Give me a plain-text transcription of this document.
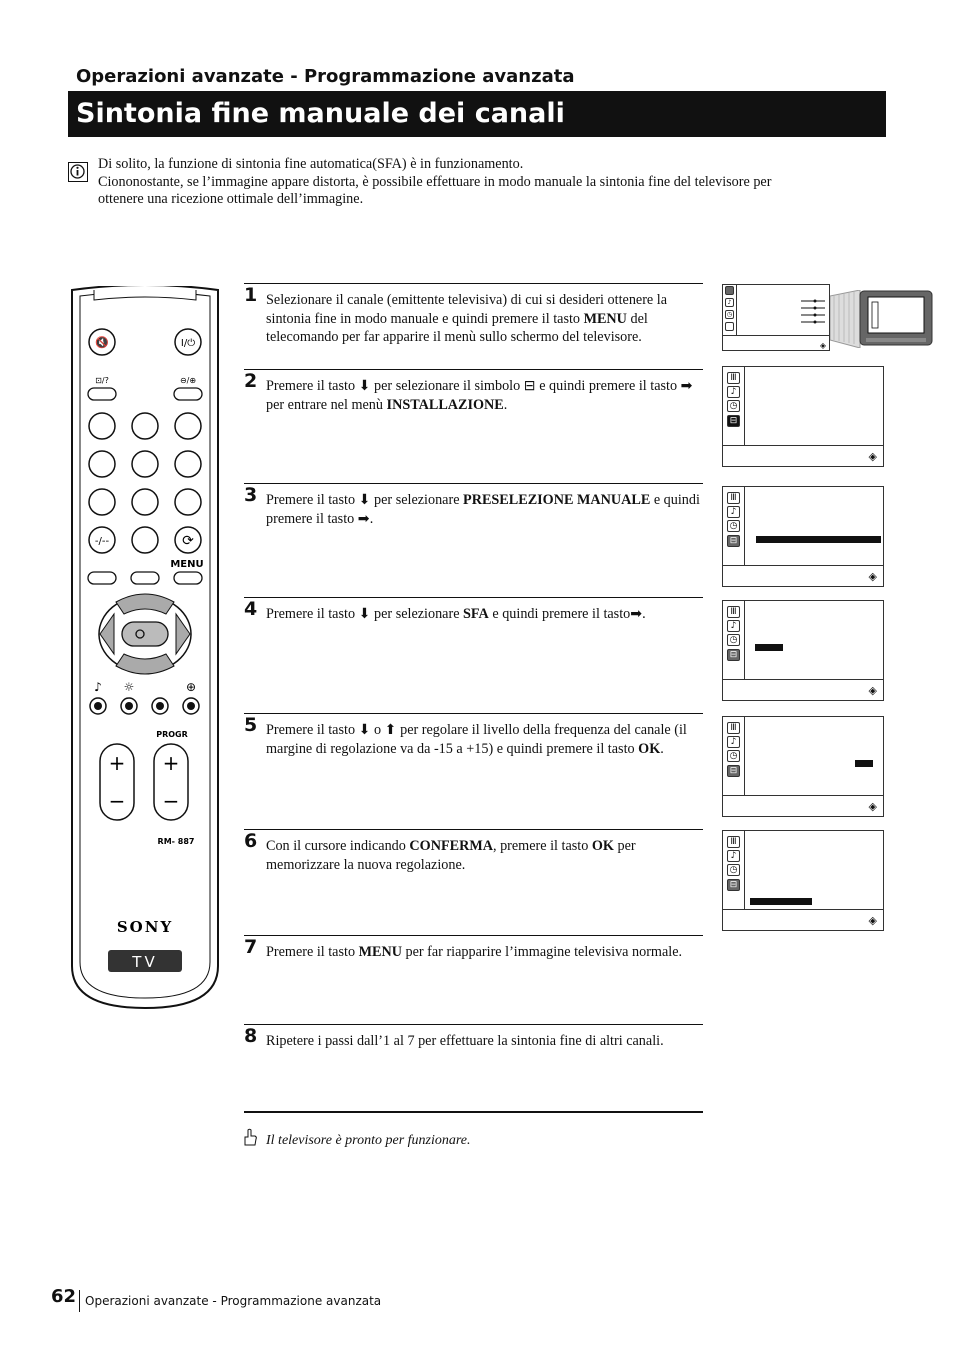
Operazioni avanzate - Programmazione avanzata
Sintonia fine manuale dei canali

Di solito, la funzione di sintonia fine automatica(SFA) è in funzionamento.

Ciononostante, se l’immagine appare distorta, è possibile effettuare in modo manuale la sintonia fine del televisore per ottenere una ricezione ottimale dell’immagine.

🔇	I/⏻
⊡/?	⊖/⊕
-/--	⟳
MENU
♪ ☼	⊕
PROGR
+
−
+
−
RM- 887
SONY
TV
1 Selezionare il canale (emittente televisiva) di cui si desideri ottenere la sintonia fine in modo manuale e quindi premere il tasto MENU del telecomando per far apparire il menù sullo schermo del televisore.
2 Premere il tasto ⬇ per selezionare il simbolo ⊟ e quindi premere il tasto ➡ per entrare nel menù INSTALLAZIONE.
3 Premere il tasto ⬇ per selezionare PRESELEZIONE MANUALE e quindi premere il tasto ➡.
4 Premere il tasto ⬇ per selezionare SFA e quindi premere il tasto➡.
5 Premere il tasto ⬇ o ⬆ per regolare il livello della frequenza del canale (il margine di regolazione va da -15 a +15) e quindi premere il tasto OK.
6 Con il cursore indicando CONFERMA, premere il tasto OK per memorizzare la nuova regolazione.
7 Premere il tasto MENU per far riapparire l’immagine televisiva normale.
8 Ripetere i passi dall’1 al 7 per effettuare la sintonia fine di altri canali.
♪
◷
◈
Ⅲ
♪
◷
⊟
◈
Ⅲ
♪
◷
⊟
◈
Ⅲ
♪
◷
⊟
◈
Ⅲ
♪
◷
⊟
◈
Ⅲ
♪
◷
⊟
◈
Il televisore è pronto per funzionare.
62 Operazioni avanzate - Programmazione avanzata
